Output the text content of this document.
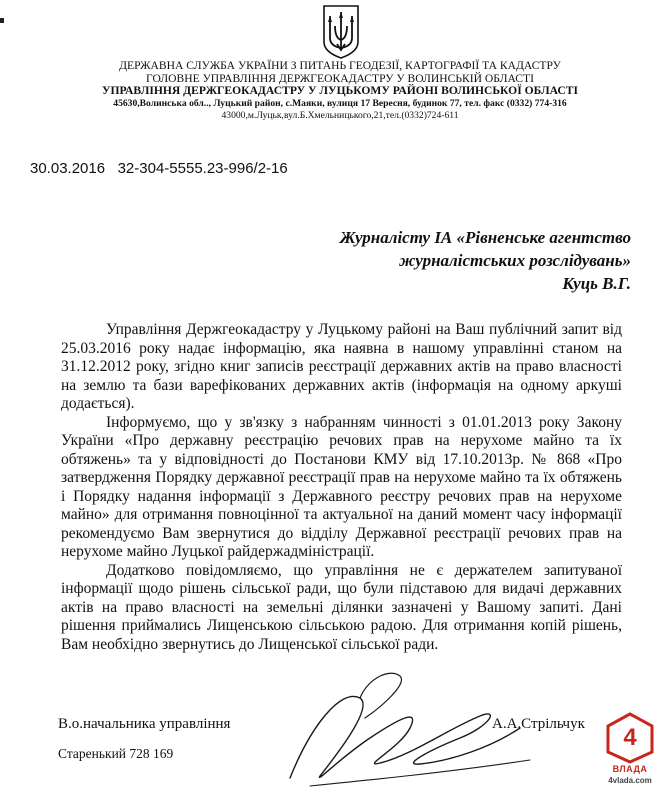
ДЕРЖАВНА СЛУЖБА УКРАЇНИ З ПИТАНЬ ГЕОДЕЗІЇ, КАРТОГРАФІЇ ТА КАДАСТРУ
ГОЛОВНЕ УПРАВЛІННЯ ДЕРЖГЕОКАДАСТРУ У ВОЛИНСЬКІЙ ОБЛАСТІ
УПРАВЛІННЯ ДЕРЖГЕОКАДАСТРУ У ЛУЦЬКОМУ РАЙОНІ ВОЛИНСЬКОЇ ОБЛАСТІ
45630,Волинська обл.., Луцький район, с.Маяки, вулиця 17 Вересня, будинок 77, тел. факс (0332) 774-316
43000,м.Луцьк,вул.Б.Хмельницького,21,тел.(0332)724-611
30.03.2016 32-304-5555.23-996/2-16
Журналісту ІА «Рівненське агентство
журналістських розслідувань»
Куць В.Г.

Управління Держгеокадастру у Луцькому районі на Ваш публічний запит від 25.03.2016 року надає інформацію, яка наявна в нашому управлінні станом на 31.12.2012 року, згідно книг записів реєстрації державних актів на право власності на землю та бази варефікованих державних актів (інформація на одному аркуші додається).

Інформуємо, що у зв'язку з набранням чинності з 01.01.2013 року Закону України «Про державну реєстрацію речових прав на нерухоме майно та їх обтяжень» та у відповідності до Постанови КМУ від 17.10.2013р. № 868 «Про затвердження Порядку державної реєстрації прав на нерухоме майно та їх обтяжень і Порядку надання інформації з Державного реєстру речових прав на нерухоме майно» для отримання повноцінної та актуальної на даний момент часу інформації рекомендуємо Вам звернутися до відділу Державної реєстрації речових прав на нерухоме майно Луцької райдержадміністрації.

Додатково повідомляємо, що управління не є держателем запитуваної інформації щодо рішень сільської ради, що були підставою для видачі державних актів на право власності на земельні ділянки зазначені у Вашому запиті. Дані рішення приймались Лищенською сільською радою. Для отримання копій рішень, Вам необхідно звернутись до Лищенської сільської ради.

В.о.начальника управління	А.А.Стрільчук
Старенький 728 169
4
ВЛАДА
4vlada.com
